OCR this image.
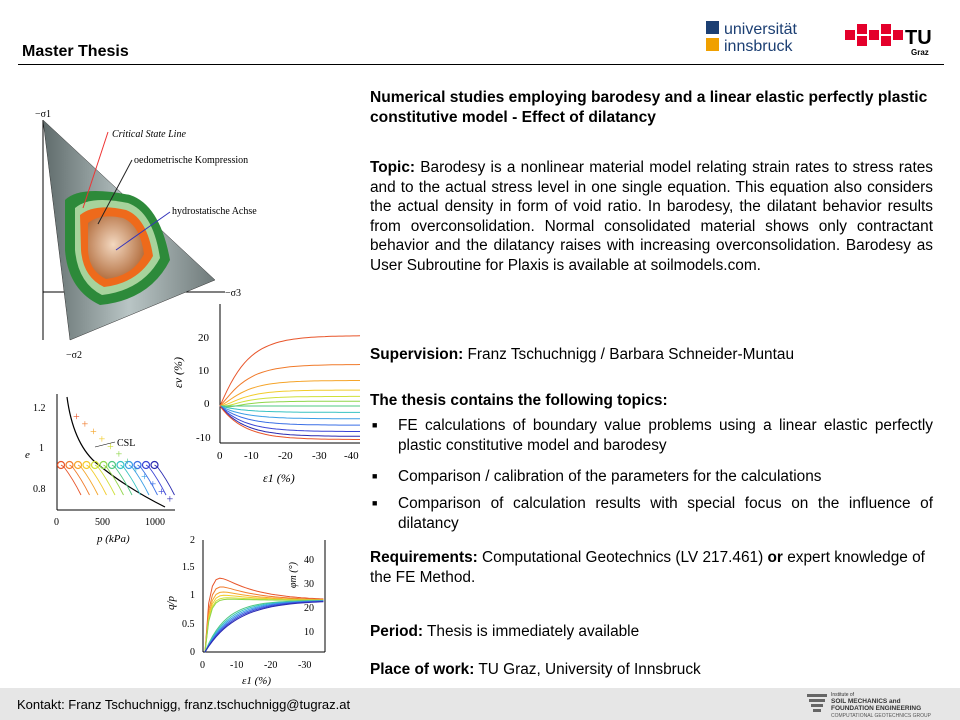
Master Thesis
universität
innsbruck	TU
Graz
−σ1
−σ3
−σ2
Critical State Line
oedometrische Kompression
hydrostatische Achse
20
10
0
-10
0 -10 -20 -30 -40
ε1 (%)
εv (%)
1.2
1
0.8
0	500	1000
p (kPa)
e
CSL
+
+
+
+
+
+
+
+
+
+
+
+
2
1.5
1
0.5
0
40
30
20
10
0	-10 -20 -30
ε1 (%)
q/p
φm (°)
Numerical studies employing barodesy and a linear elastic perfectly plastic constitutive model - Effect of dilatancy
Topic: Barodesy is a nonlinear material model relating strain rates to stress rates and to the actual stress level in one single equation. This equation also considers the actual density in form of void ratio. In barodesy, the dilatant behavior results from overconsolidation. Normal consolidated material shows only contractant behavior and the dilatancy raises with increasing overconsolidation. Barodesy as User Subroutine for Plaxis is available at soilmodels.com.
Supervision: Franz Tschuchnigg / Barbara Schneider-Muntau
The thesis contains the following topics:
■ FE calculations of boundary value problems using a linear elastic perfectly plastic constitutive model and barodesy
■ Comparison / calibration of the parameters for the calculations
■ Comparison of calculation results with special focus on the influence of dilatancy
Requirements: Computational Geotechnics (LV 217.461) or expert knowledge of the FE Method.
Period: Thesis is immediately available
Place of work: TU Graz, University of Innsbruck
Kontakt: Franz Tschuchnigg, franz.tschuchnigg@tugraz.at
Institute of
SOIL MECHANICS and
FOUNDATION ENGINEERING
COMPUTATIONAL GEOTECHNICS GROUP
